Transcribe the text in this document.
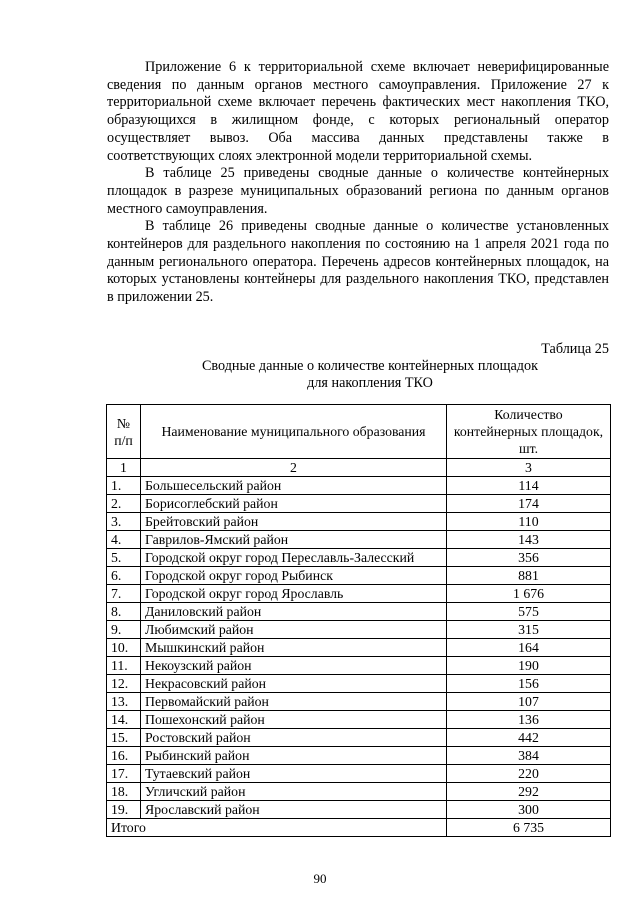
Приложение 6 к территориальной схеме включает неверифицированные сведения по данным органов местного самоуправления. Приложение 27 к территориальной схеме включает перечень фактических мест накопления ТКО, образующихся в жилищном фонде, с которых региональный оператор осуществляет вывоз. Оба массива данных представлены также в соответствующих слоях электронной модели территориальной схемы.

В таблице 25 приведены сводные данные о количестве контейнерных площадок в разрезе муниципальных образований региона по данным органов местного самоуправления.

В таблице 26 приведены сводные данные о количестве установленных контейнеров для раздельного накопления по состоянию на 1 апреля 2021 года по данным регионального оператора. Перечень адресов контейнерных площадок, на которых установлены контейнеры для раздельного накопления ТКО, представлен в приложении 25.

Таблица 25
Сводные данные о количестве контейнерных площадок
для накопления ТКО
№ п/п	Наименование муниципального образования	Количество контейнерных площадок, шт.
1	2	3
1.	Большесельский район	114
2.	Борисоглебский район	174
3.	Брейтовский район	110
4.	Гаврилов-Ямский район	143
5.	Городской округ город Переславль-Залесский	356
6.	Городской округ город Рыбинск	881
7.	Городской округ город Ярославль	1 676
8.	Даниловский район	575
9.	Любимский район	315
10.	Мышкинский район	164
11.	Некоузский район	190
12.	Некрасовский район	156
13.	Первомайский район	107
14.	Пошехонский район	136
15.	Ростовский район	442
16.	Рыбинский район	384
17.	Тутаевский район	220
18.	Угличский район	292
19.	Ярославский район	300
Итого		6 735
90
